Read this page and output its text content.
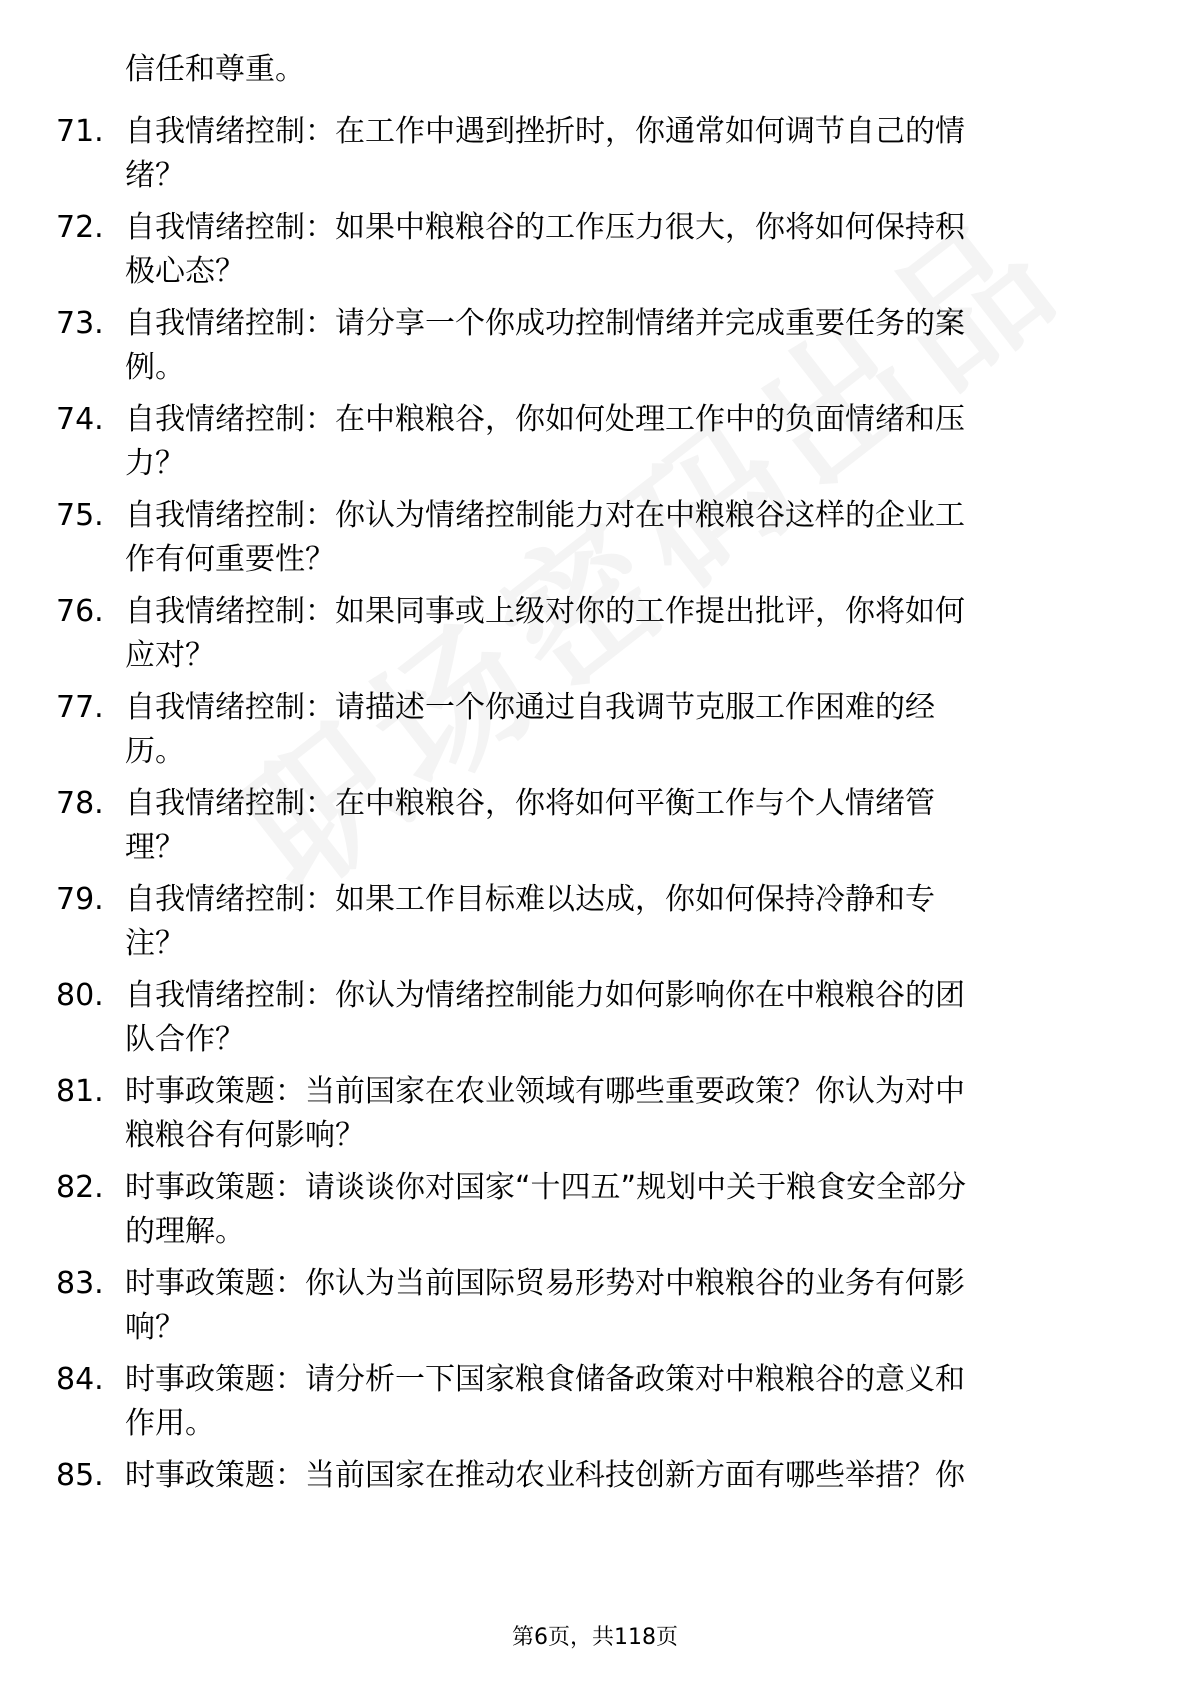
信任和尊重。
71. 自我情绪控制：在工作中遇到挫折时，你通常如何调节自己的情
绪？
72. 自我情绪控制：如果中粮粮谷的工作压力很大，你将如何保持积
极心态？
73. 自我情绪控制：请分享一个你成功控制情绪并完成重要任务的案
例。
74. 自我情绪控制：在中粮粮谷，你如何处理工作中的负面情绪和压
力？
75. 自我情绪控制：你认为情绪控制能力对在中粮粮谷这样的企业工
作有何重要性？
76. 自我情绪控制：如果同事或上级对你的工作提出批评，你将如何
应对？
77. 自我情绪控制：请描述一个你通过自我调节克服工作困难的经
历。
78. 自我情绪控制：在中粮粮谷，你将如何平衡工作与个人情绪管
理？
79. 自我情绪控制：如果工作目标难以达成，你如何保持冷静和专
注？
80. 自我情绪控制：你认为情绪控制能力如何影响你在中粮粮谷的团
队合作？
81. 时事政策题：当前国家在农业领域有哪些重要政策？你认为对中
粮粮谷有何影响？
82. 时事政策题：请谈谈你对国家“十四五”规划中关于粮食安全部分
的理解。
83. 时事政策题：你认为当前国际贸易形势对中粮粮谷的业务有何影
响？
84. 时事政策题：请分析一下国家粮食储备政策对中粮粮谷的意义和
作用。
85. 时事政策题：当前国家在推动农业科技创新方面有哪些举措？你
第6页，共118页
